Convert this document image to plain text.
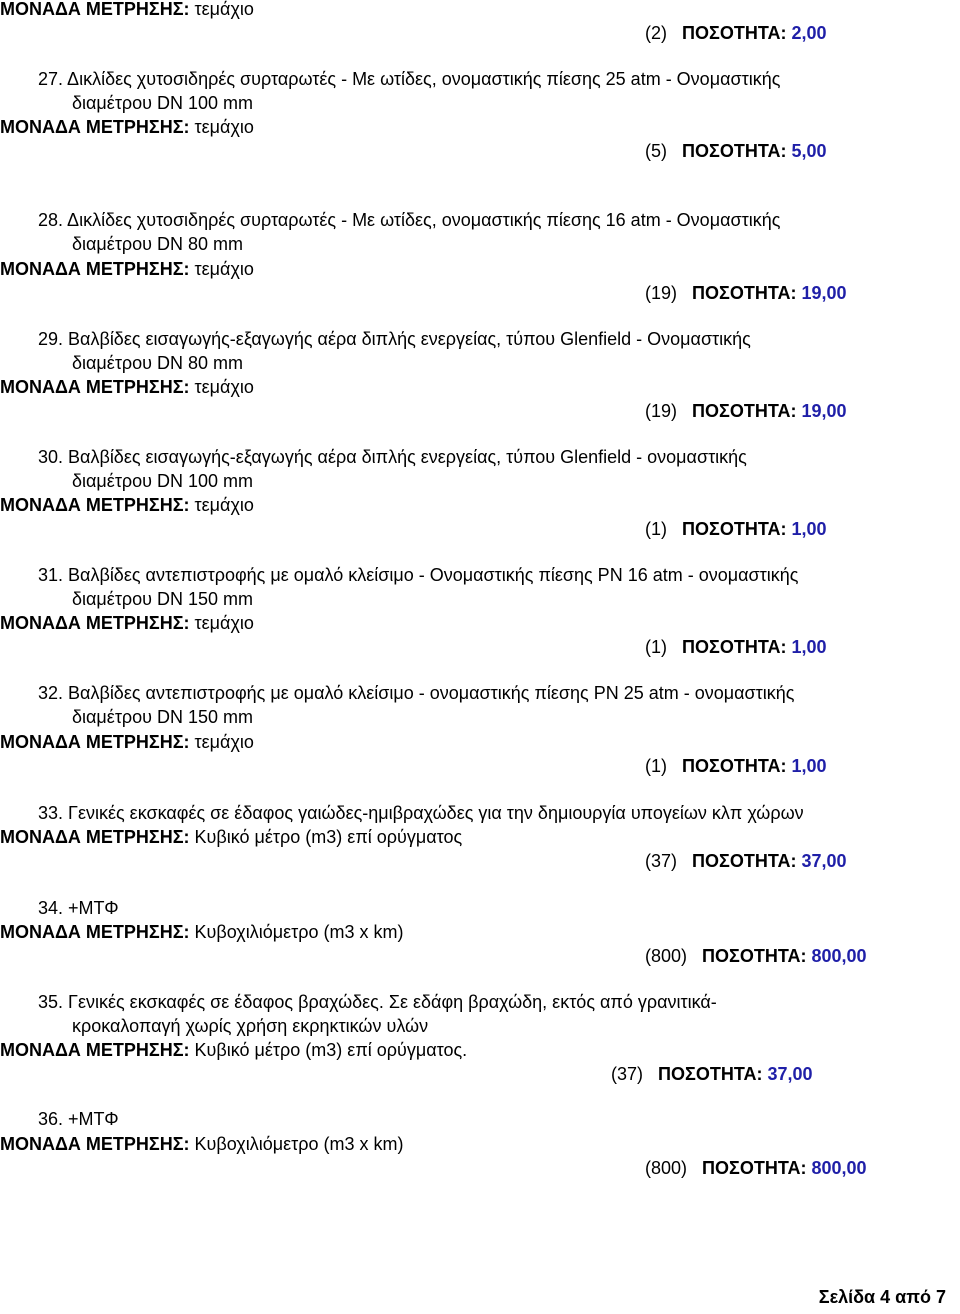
ΜΟΝΑΔΑ ΜΕΤΡΗΣΗΣ: τεμάχιο
(2) ΠΟΣΟΤΗΤΑ: 2,00
27. Δικλίδες χυτοσιδηρές συρταρωτές - Με ωτίδες, ονομαστικής πίεσης 25 atm - Ονομαστικής
διαμέτρου DN 100 mm
ΜΟΝΑΔΑ ΜΕΤΡΗΣΗΣ: τεμάχιο
(5) ΠΟΣΟΤΗΤΑ: 5,00
28. Δικλίδες χυτοσιδηρές συρταρωτές - Με ωτίδες, ονομαστικής πίεσης 16 atm - Ονομαστικής
διαμέτρου DN 80 mm
ΜΟΝΑΔΑ ΜΕΤΡΗΣΗΣ: τεμάχιο
(19) ΠΟΣΟΤΗΤΑ: 19,00
29. Βαλβίδες εισαγωγής-εξαγωγής αέρα διπλής ενεργείας, τύπου Glenfield - Ονομαστικής
διαμέτρου DN 80 mm
ΜΟΝΑΔΑ ΜΕΤΡΗΣΗΣ: τεμάχιο
(19) ΠΟΣΟΤΗΤΑ: 19,00
30. Βαλβίδες εισαγωγής-εξαγωγής αέρα διπλής ενεργείας, τύπου Glenfield - ονομαστικής
διαμέτρου DN 100 mm
ΜΟΝΑΔΑ ΜΕΤΡΗΣΗΣ: τεμάχιο
(1) ΠΟΣΟΤΗΤΑ: 1,00
31. Βαλβίδες αντεπιστροφής με ομαλό κλείσιμο - Ονομαστικής πίεσης PN 16 atm - ονομαστικής
διαμέτρου DN 150 mm
ΜΟΝΑΔΑ ΜΕΤΡΗΣΗΣ: τεμάχιο
(1) ΠΟΣΟΤΗΤΑ: 1,00
32. Βαλβίδες αντεπιστροφής με ομαλό κλείσιμο - ονομαστικής πίεσης PN 25 atm - ονομαστικής
διαμέτρου DN 150 mm
ΜΟΝΑΔΑ ΜΕΤΡΗΣΗΣ: τεμάχιο
(1) ΠΟΣΟΤΗΤΑ: 1,00
33. Γενικές εκσκαφές σε έδαφος γαιώδες-ημιβραχώδες για την δημιουργία υπογείων κλπ χώρων
ΜΟΝΑΔΑ ΜΕΤΡΗΣΗΣ: Κυβικό μέτρο (m3) επί ορύγματος
(37) ΠΟΣΟΤΗΤΑ: 37,00
34. +ΜΤΦ
ΜΟΝΑΔΑ ΜΕΤΡΗΣΗΣ: Κυβοχιλιόμετρο (m3 x km)
(800) ΠΟΣΟΤΗΤΑ: 800,00
35. Γενικές εκσκαφές σε έδαφος βραχώδες. Σε εδάφη βραχώδη, εκτός από γρανιτικά-
κροκαλοπαγή χωρίς χρήση εκρηκτικών υλών
ΜΟΝΑΔΑ ΜΕΤΡΗΣΗΣ: Κυβικό μέτρο (m3) επί ορύγματος.
(37) ΠΟΣΟΤΗΤΑ: 37,00
36. +ΜΤΦ
ΜΟΝΑΔΑ ΜΕΤΡΗΣΗΣ: Κυβοχιλιόμετρο (m3 x km)
(800) ΠΟΣΟΤΗΤΑ: 800,00
Σελίδα 4 από 7
